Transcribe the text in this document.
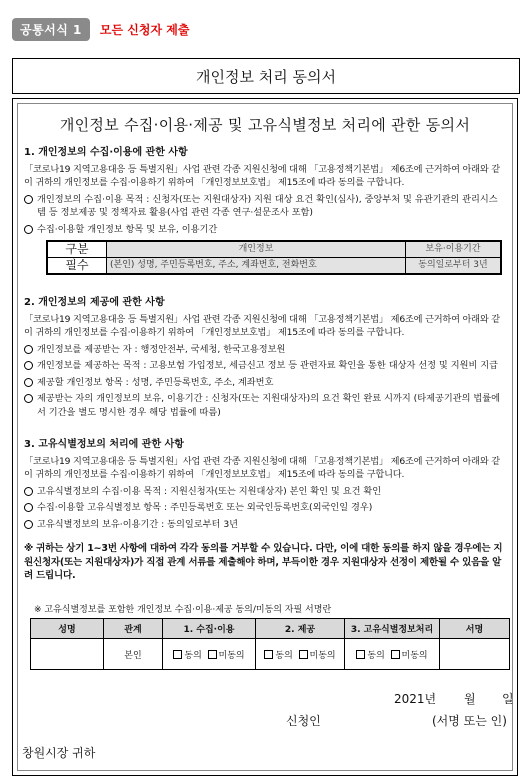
공통서식 1	모든 신청자 제출
개인정보 처리 동의서
개인정보 수집·이용·제공 및 고유식별정보 처리에 관한 동의서
1. 개인정보의 수집·이용에 관한 사항
「코로나19 지역고용대응 등 특별지원」사업 관련 각종 지원신청에 대해 「고용정책기본법」 제6조에 근거하여 아래와 같이 귀하의 개인정보를 수집·이용하기 위하여 「개인정보보호법」 제15조에 따라 동의를 구합니다.
개인정보의 수집·이용 목적 : 신청자(또는 지원대상자) 지원 대상 요건 확인(심사), 중앙부처 및 유관기관의 관리시스템 등 정보제공 및 정책자료 활용(사업 관련 각종 연구·설문조사 포함)
수집·이용할 개인정보 항목 및 보유, 이용기간
구분	개인정보	보유·이용기간
필수	(본인) 성명, 주민등록번호, 주소, 계좌번호, 전화번호	동의일로부터 3년
2. 개인정보의 제공에 관한 사항
「코로나19 지역고용대응 등 특별지원」사업 관련 각종 지원신청에 대해 「고용정책기본법」 제6조에 근거하여 아래와 같이 귀하의 개인정보를 수집·이용하기 위하여 「개인정보보호법」 제15조에 따라 동의를 구합니다.
개인정보를 제공받는 자 : 행정안전부, 국세청, 한국고용정보원
개인정보를 제공하는 목적 : 고용보험 가입정보, 세금신고 정보 등 관련자료 확인을 통한 대상자 선정 및 지원비 지급
제공할 개인정보 항목 : 성명, 주민등록번호, 주소, 계좌번호
제공받는 자의 개인정보의 보유, 이용기간 : 신청자(또는 지원대상자)의 요건 확인 완료 시까지 (타제공기관의 법률에서 기간을 별도 명시한 경우 해당 법률에 따름)
3. 고유식별정보의 처리에 관한 사항
「코로나19 지역고용대응 등 특별지원」사업 관련 각종 지원신청에 대해 「고용정책기본법」 제6조에 근거하여 아래와 같이 귀하의 개인정보를 수집·이용하기 위하여 「개인정보보호법」 제15조에 따라 동의를 구합니다.
고유식별정보의 수집·이용 목적 : 지원신청자(또는 지원대상자) 본인 확인 및 요건 확인
수집·이용할 고유식별정보 항목 : 주민등록번호 또는 외국인등록번호(외국인일 경우)
고유식별정보의 보유·이용기간 : 동의일로부터 3년
※ 귀하는 상기 1~3번 사항에 대하여 각각 동의를 거부할 수 있습니다. 다만, 이에 대한 동의를 하지 않을 경우에는 지원신청자(또는 지원대상자)가 직접 관계 서류를 제출해야 하며, 부득이한 경우 지원대상자 선정이 제한될 수 있음을 알려 드립니다.
※ 고유식별정보를 포함한 개인정보 수집·이용·제공 동의/미동의 자필 서명란
성명	관계	1. 수집·이용	2. 제공	3. 고유식별정보처리	서명
	본인	동의 미동의	동의 미동의	동의 미동의	
2021년 월 일
신청인	(서명 또는 인)
창원시장 귀하
